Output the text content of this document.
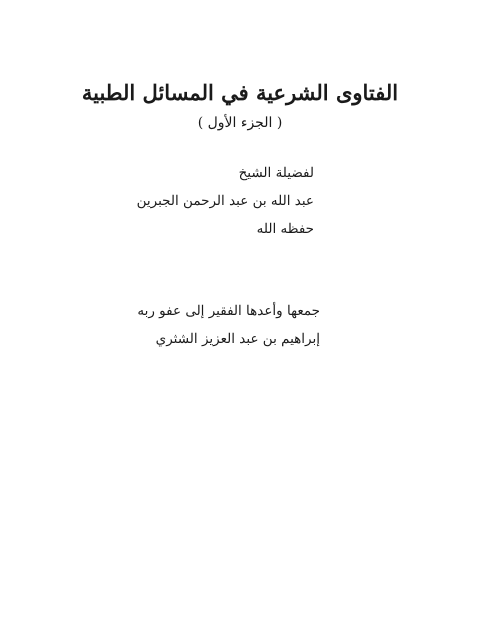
الفتاوى الشرعية في المسائل الطبية
( الجزء الأول )
لفضيلة الشيخ
عبد الله بن عبد الرحمن الجبرين
حفظه الله
جمعها وأعدها الفقير إلى عفو ربه
إبراهيم بن عبد العزيز الشثري
